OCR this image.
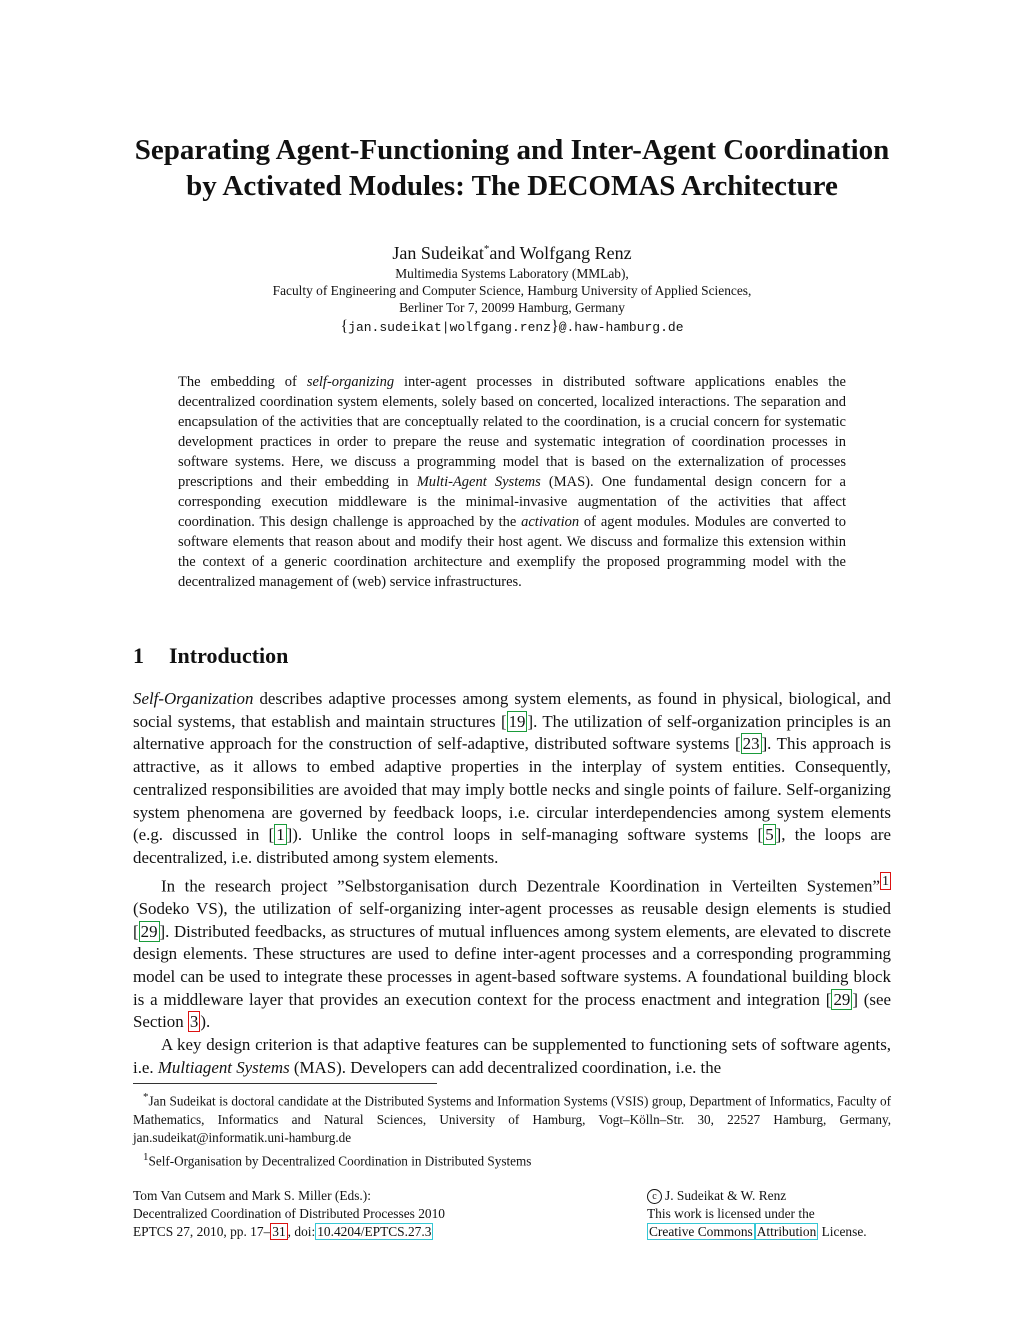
Separating Agent-Functioning and Inter-Agent Coordination
by Activated Modules: The DECOMAS Architecture
Jan Sudeikat*and Wolfgang Renz
Multimedia Systems Laboratory (MMLab),
Faculty of Engineering and Computer Science, Hamburg University of Applied Sciences,
Berliner Tor 7, 20099 Hamburg, Germany
{jan.sudeikat|wolfgang.renz}@.haw-hamburg.de
The embedding of self-organizing inter-agent processes in distributed software applications enables the decentralized coordination system elements, solely based on concerted, localized interactions. The separation and encapsulation of the activities that are conceptually related to the coordination, is a crucial concern for systematic development practices in order to prepare the reuse and systematic integration of coordination processes in software systems. Here, we discuss a programming model that is based on the externalization of processes prescriptions and their embedding in Multi-Agent Systems (MAS). One fundamental design concern for a corresponding execution middleware is the minimal-invasive augmentation of the activities that affect coordination. This design challenge is approached by the activation of agent modules. Modules are converted to software elements that reason about and modify their host agent. We discuss and formalize this extension within the context of a generic coordination architecture and exemplify the proposed programming model with the decentralized management of (web) service infrastructures.
1 Introduction

Self-Organization describes adaptive processes among system elements, as found in physical, biological, and social systems, that establish and maintain structures [ 19 ]. The utilization of self-organization principles is an alternative approach for the construction of self-adaptive, distributed software systems [ 23 ]. This approach is attractive, as it allows to embed adaptive properties in the interplay of system entities. Consequently, centralized responsibilities are avoided that may imply bottle necks and single points of failure. Self-organizing system phenomena are governed by feedback loops, i.e. circular interdependencies among system elements (e.g. discussed in [ 1 ]). Unlike the control loops in self-managing software systems [ 5 ], the loops are decentralized, i.e. distributed among system elements.

In the research project ”Selbstorganisation durch Dezentrale Koordination in Verteilten Systemen” $^1$ (Sodeko VS), the utilization of self-organizing inter-agent processes as reusable design elements is studied [ 29 ]. Distributed feedbacks, as structures of mutual influences among system elements, are elevated to discrete design elements. These structures are used to define inter-agent processes and a corresponding programming model can be used to integrate these processes in agent-based software systems. A foundational building block is a middleware layer that provides an execution context for the process enactment and integration [ 29 ] (see Section 3 ).

A key design criterion is that adaptive features can be supplemented to functioning sets of software agents, i.e. Multiagent Systems (MAS). Developers can add decentralized coordination, i.e. the

*Jan Sudeikat is doctoral candidate at the Distributed Systems and Information Systems (VSIS) group, Department of Informatics, Faculty of Mathematics, Informatics and Natural Sciences, University of Hamburg, Vogt–Kölln–Str. 30, 22527 Hamburg, Germany, jan.sudeikat@informatik.uni-hamburg.de

$^1$Self-Organisation by Decentralized Coordination in Distributed Systems

Tom Van Cutsem and Mark S. Miller (Eds.):
Decentralized Coordination of Distributed Processes 2010
EPTCS 27, 2010, pp. 17– 31 , doi: 10.4204/EPTCS.27.3
c J. Sudeikat & W. Renz
This work is licensed under the
Creative Commons Attribution License.
